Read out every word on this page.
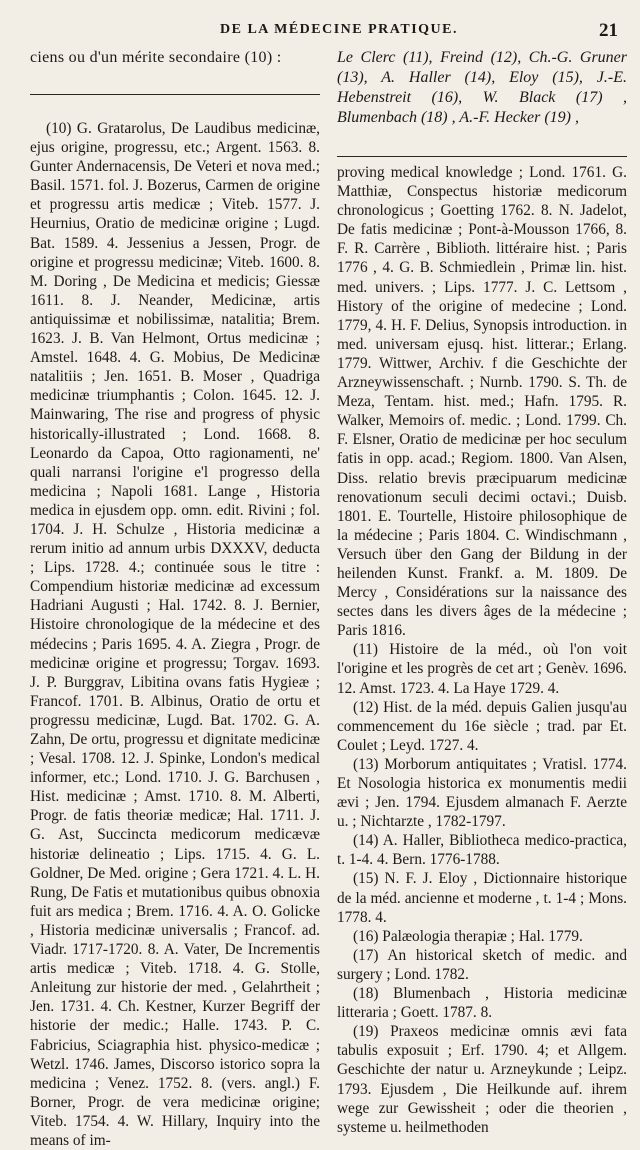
DE LA MÉDECINE PRATIQUE.	21

ciens ou d'un mérite secondaire (10) :

(10) G. Gratarolus, De Laudibus medicinæ, ejus origine, progressu, etc.; Argent. 1563. 8. Gunter Andernacensis, De Veteri et nova med.; Basil. 1571. fol. J. Bozerus, Carmen de origine et progressu artis medicæ ; Viteb. 1577. J. Heurnius, Oratio de medicinæ origine ; Lugd. Bat. 1589. 4. Jessenius a Jessen, Progr. de origine et progressu medicinæ; Viteb. 1600. 8. M. Doring , De Medicina et medicis; Giessæ 1611. 8. J. Neander, Medicinæ, artis antiquissimæ et nobilissimæ, natalitia; Brem. 1623. J. B. Van Helmont, Ortus medicinæ ; Amstel. 1648. 4. G. Mobius, De Medicinæ natalitiis ; Jen. 1651. B. Moser , Quadriga medicinæ triumphantis ; Colon. 1645. 12. J. Mainwaring, The rise and progress of physic historically-illustrated ; Lond. 1668. 8. Leonardo da Capoa, Otto ragionamenti, ne' quali narransi l'origine e'l progresso della medicina ; Napoli 1681. Lange , Historia medica in ejusdem opp. omn. edit. Rivini ; fol. 1704. J. H. Schulze , Historia medicinæ a rerum initio ad annum urbis DXXXV, deducta ; Lips. 1728. 4.; continuée sous le titre : Compendium historiæ medicinæ ad excessum Hadriani Augusti ; Hal. 1742. 8. J. Bernier, Histoire chronologique de la médecine et des médecins ; Paris 1695. 4. A. Ziegra , Progr. de medicinæ origine et progressu; Torgav. 1693. J. P. Burggrav, Libitina ovans fatis Hygieæ ; Francof. 1701. B. Albinus, Oratio de ortu et progressu medicinæ, Lugd. Bat. 1702. G. A. Zahn, De ortu, progressu et dignitate medicinæ ; Vesal. 1708. 12. J. Spinke, London's medical informer, etc.; Lond. 1710. J. G. Barchusen , Hist. medicinæ ; Amst. 1710. 8. M. Alberti, Progr. de fatis theoriæ medicæ; Hal. 1711. J. G. Ast, Succincta medicorum medicævæ historiæ delineatio ; Lips. 1715. 4. G. L. Goldner, De Med. origine ; Gera 1721. 4. L. H. Rung, De Fatis et mutationibus quibus obnoxia fuit ars medica ; Brem. 1716. 4. A. O. Golicke , Historia medicinæ universalis ; Francof. ad. Viadr. 1717-1720. 8. A. Vater, De Incrementis artis medicæ ; Viteb. 1718. 4. G. Stolle, Anleitung zur historie der med. , Gelahrtheit ; Jen. 1731. 4. Ch. Kestner, Kurzer Begriff der historie der medic.; Halle. 1743. P. C. Fabricius, Sciagraphia hist. physico-medicæ ; Wetzl. 1746. James, Discorso istorico sopra la medicina ; Venez. 1752. 8. (vers. angl.) F. Borner, Progr. de vera medicinæ origine; Viteb. 1754. 4. W. Hillary, Inquiry into the means of im-

Le Clerc (11), Freind (12), Ch.-G. Gruner (13), A. Haller (14), Eloy (15), J.-E. Hebenstreit (16), W. Black (17) , Blumenbach (18) , A.-F. Hecker (19) ,

proving medical knowledge ; Lond. 1761. G. Matthiæ, Conspectus historiæ medicorum chronologicus ; Goetting 1762. 8. N. Jadelot, De fatis medicinæ ; Pont-à-Mousson 1766, 8. F. R. Carrère , Biblioth. littéraire hist. ; Paris 1776 , 4. G. B. Schmiedlein , Primæ lin. hist. med. univers. ; Lips. 1777. J. C. Lettsom , History of the origine of medecine ; Lond. 1779, 4. H. F. Delius, Synopsis introduction. in med. universam ejusq. hist. litterar.; Erlang. 1779. Wittwer, Archiv. f die Geschichte der Arzneywissenschaft. ; Nurnb. 1790. S. Th. de Meza, Tentam. hist. med.; Hafn. 1795. R. Walker, Memoirs of. medic. ; Lond. 1799. Ch. F. Elsner, Oratio de medicinæ per hoc seculum fatis in opp. acad.; Regiom. 1800. Van Alsen, Diss. relatio brevis præcipuarum medicinæ renovationum seculi decimi octavi.; Duisb. 1801. E. Tourtelle, Histoire philosophique de la médecine ; Paris 1804. C. Windischmann , Versuch über den Gang der Bildung in der heilenden Kunst. Frankf. a. M. 1809. De Mercy , Considérations sur la naissance des sectes dans les divers âges de la médecine ; Paris 1816.

(11) Histoire de la méd., où l'on voit l'origine et les progrès de cet art ; Genèv. 1696. 12. Amst. 1723. 4. La Haye 1729. 4.

(12) Hist. de la méd. depuis Galien jusqu'au commencement du 16e siècle ; trad. par Et. Coulet ; Leyd. 1727. 4.

(13) Morborum antiquitates ; Vratisl. 1774. Et Nosologia historica ex monumentis medii ævi ; Jen. 1794. Ejusdem almanach F. Aerzte u. ; Nichtarzte , 1782-1797.

(14) A. Haller, Bibliotheca medico-practica, t. 1-4. 4. Bern. 1776-1788.

(15) N. F. J. Eloy , Dictionnaire historique de la méd. ancienne et moderne , t. 1-4 ; Mons. 1778. 4.

(16) Palæologia therapiæ ; Hal. 1779.

(17) An historical sketch of medic. and surgery ; Lond. 1782.

(18) Blumenbach , Historia medicinæ litteraria ; Goett. 1787. 8.

(19) Praxeos medicinæ omnis ævi fata tabulis exposuit ; Erf. 1790. 4; et Allgem. Geschichte der natur u. Arzneykunde ; Leipz. 1793. Ejusdem , Die Heilkunde auf. ihrem wege zur Gewissheit ; oder die theorien , systeme u. heilmethoden
